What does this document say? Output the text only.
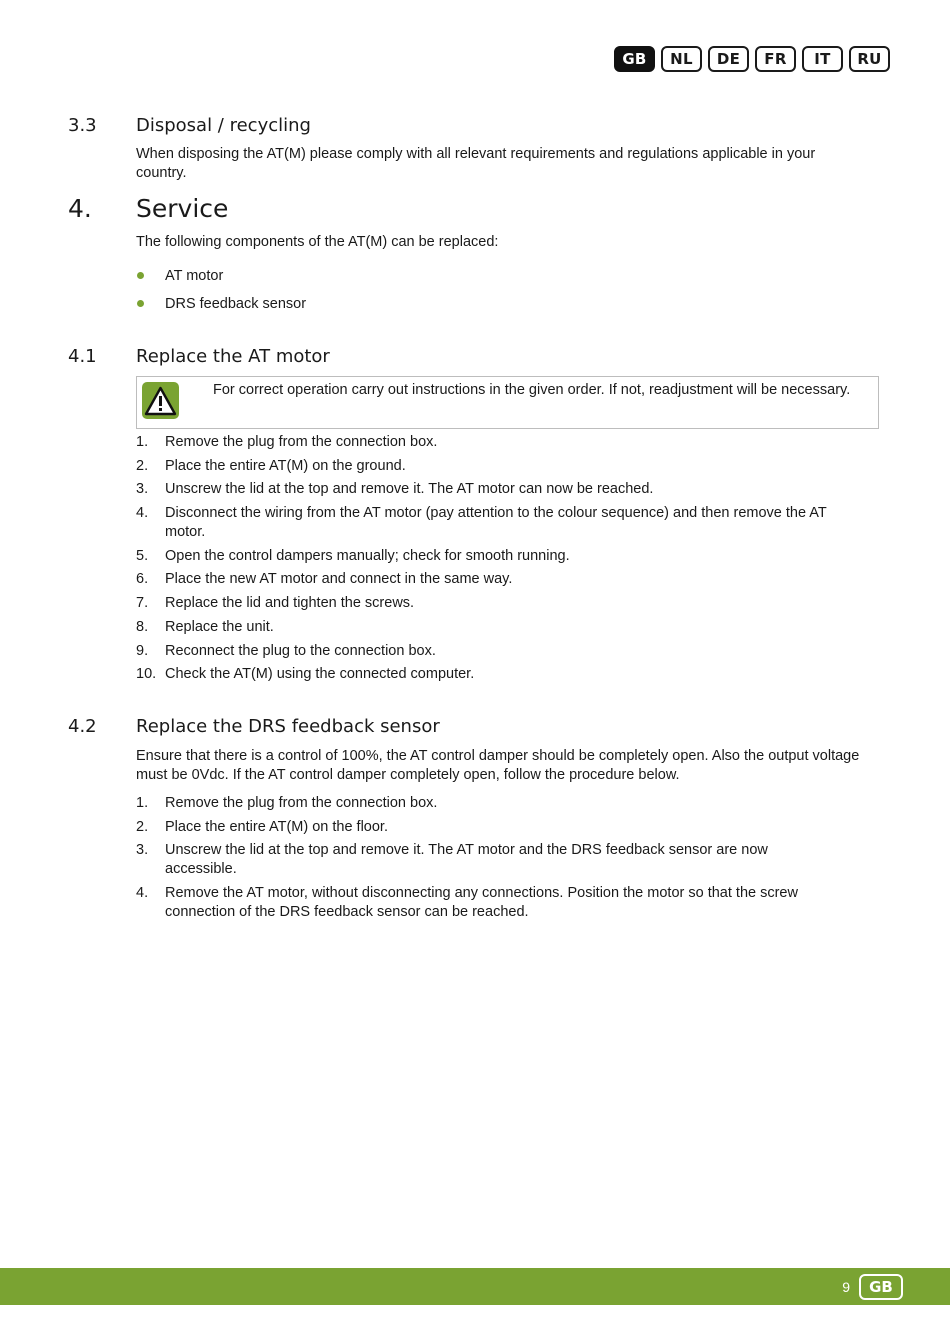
GB	NL	DE	FR	IT	RU
3.3 Disposal / recycling
When disposing the AT(M) please comply with all relevant requirements and regulations applicable in your country.
4. Service
The following components of the AT(M) can be replaced:
AT motor
DRS feedback sensor
4.1 Replace the AT motor
For correct operation carry out instructions in the given order. If not, readjustment will be necessary.
1. Remove the plug from the connection box.
2. Place the entire AT(M) on the ground.
3. Unscrew the lid at the top and remove it. The AT motor can now be reached.
4. Disconnect the wiring from the AT motor (pay attention to the colour sequence) and then remove the AT motor.
5. Open the control dampers manually; check for smooth running.
6. Place the new AT motor and connect in the same way.
7. Replace the lid and tighten the screws.
8. Replace the unit.
9. Reconnect the plug to the connection box.
10. Check the AT(M) using the connected computer.
4.2 Replace the DRS feedback sensor
Ensure that there is a control of 100%, the AT control damper should be completely open. Also the output voltage must be 0Vdc. If the AT control damper completely open, follow the procedure below.
1. Remove the plug from the connection box.
2. Place the entire AT(M) on the floor.
3. Unscrew the lid at the top and remove it. The AT motor and the DRS feedback sensor are now accessible.
4. Remove the AT motor, without disconnecting any connections. Position the motor so that the screw connection of the DRS feedback sensor can be reached.
9	GB
